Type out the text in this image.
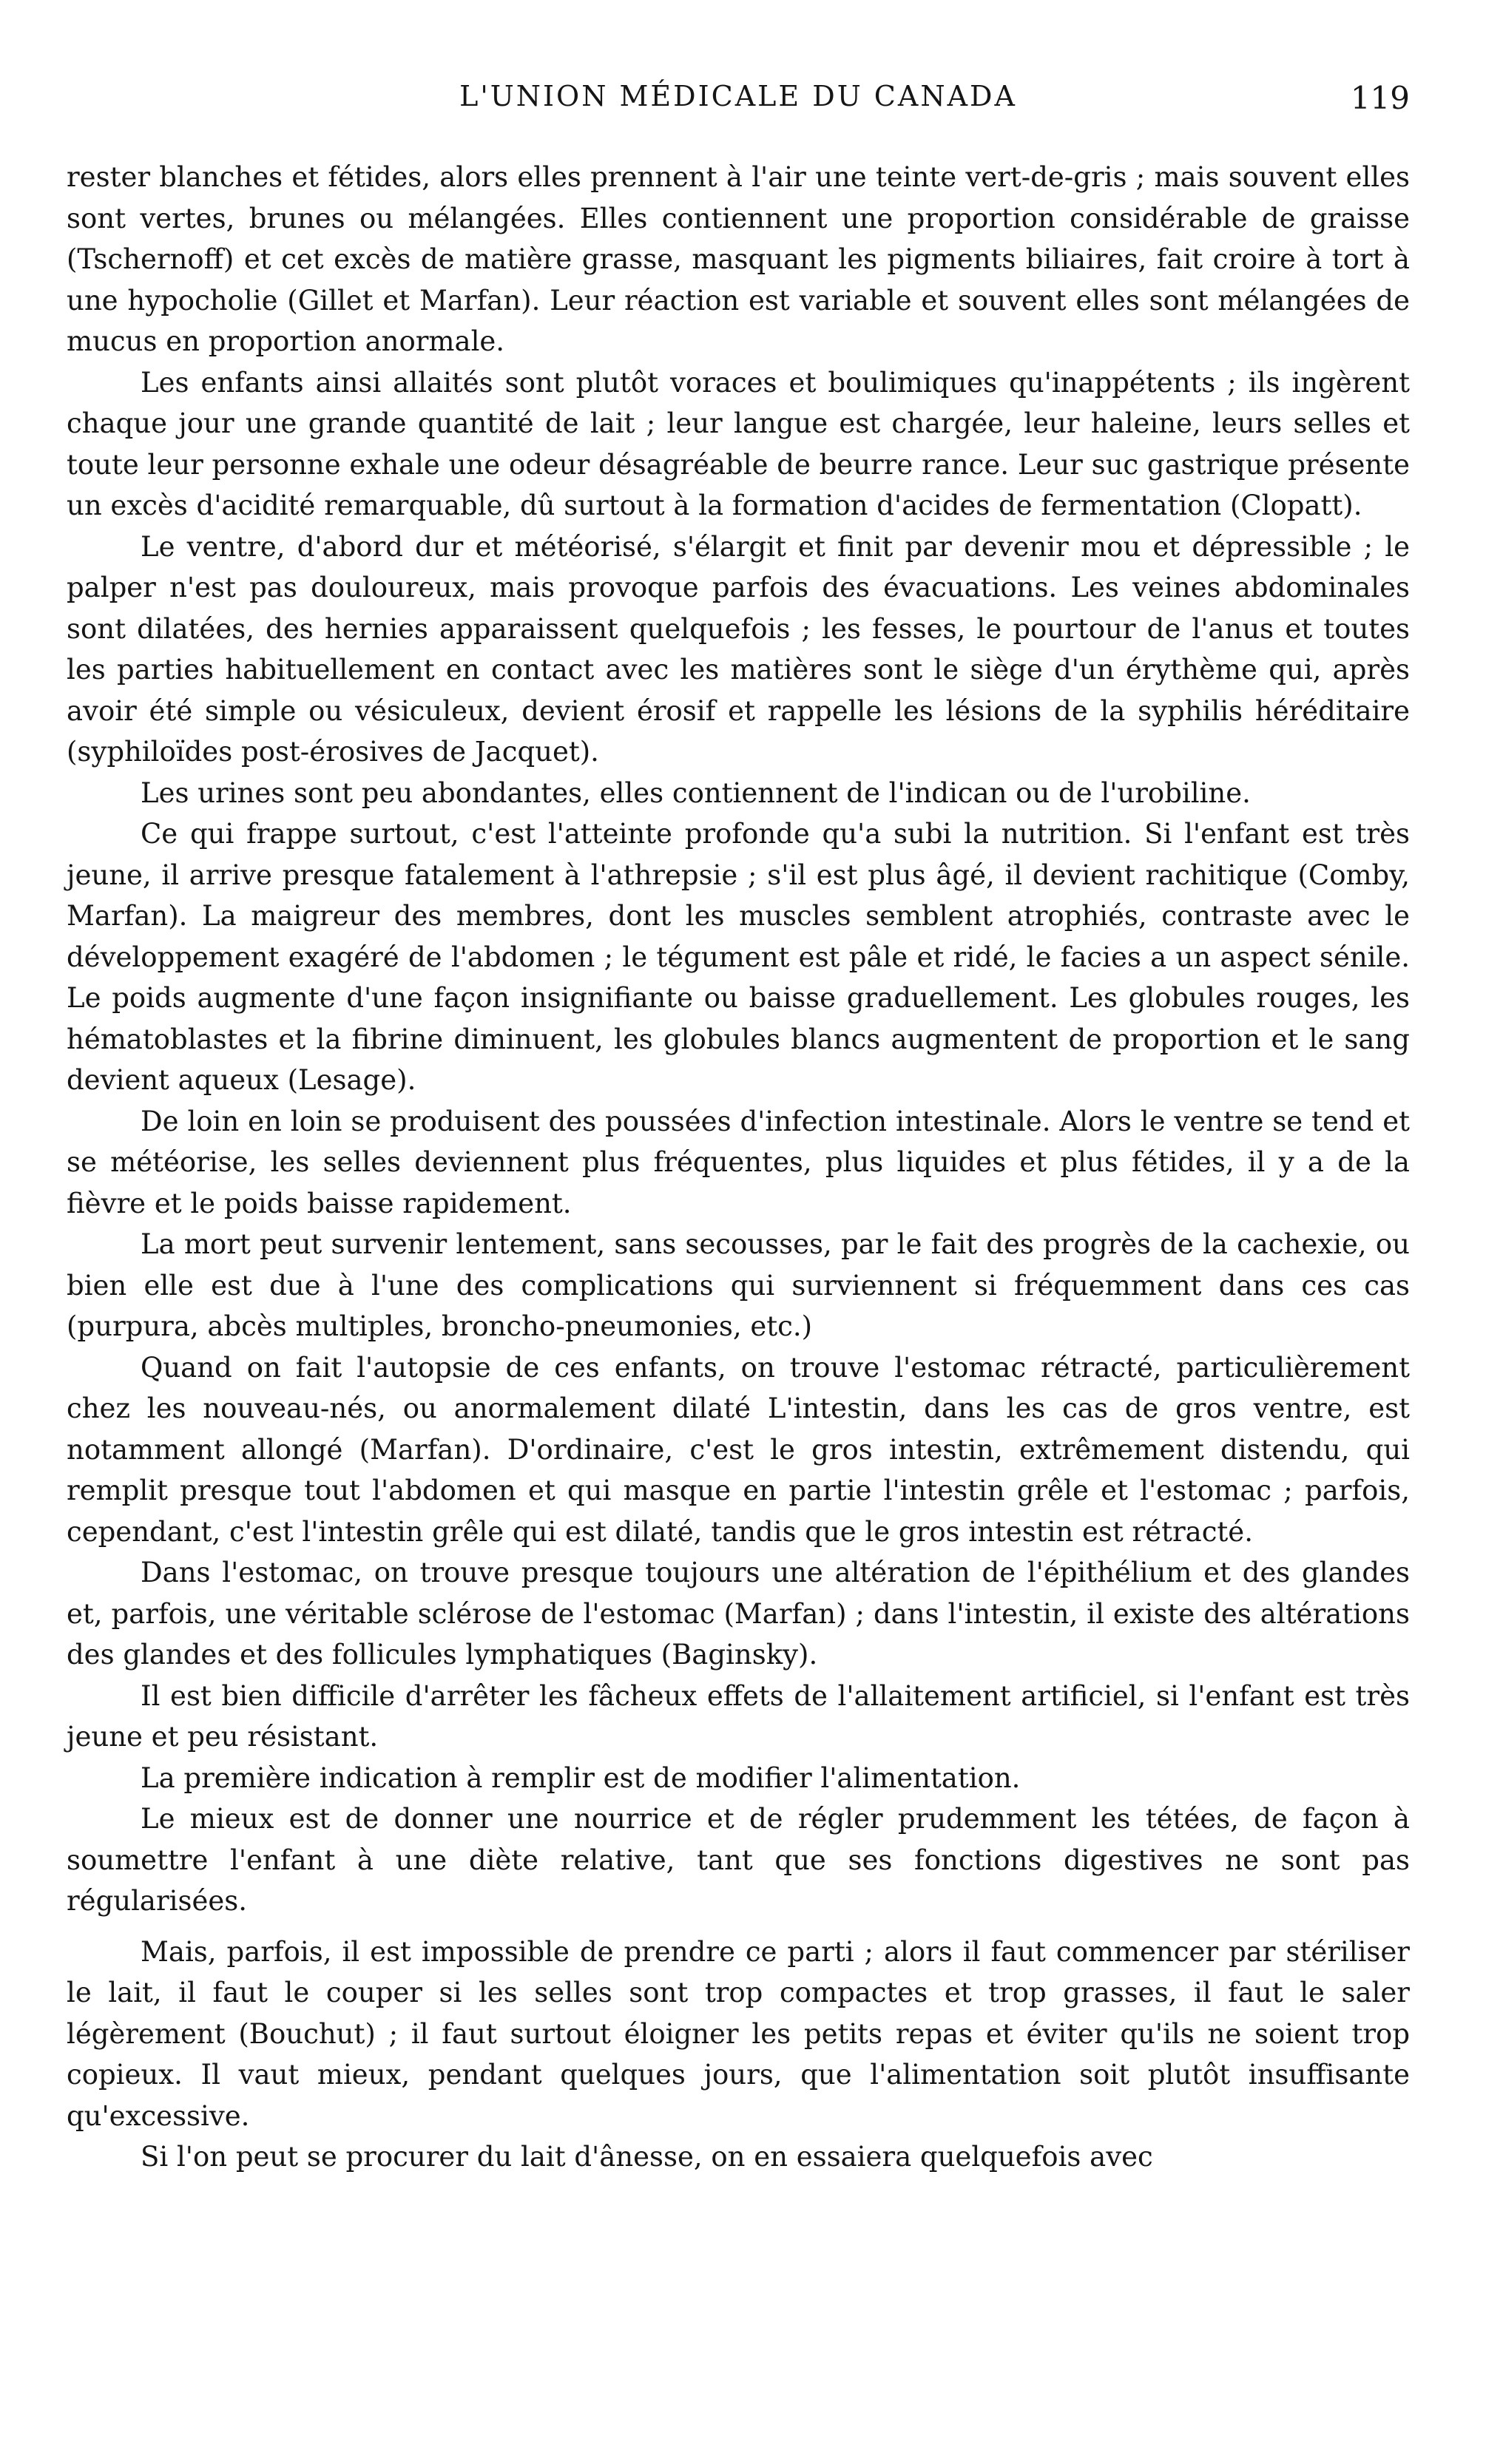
L'UNION MÉDICALE DU CANADA	119

rester blanches et fétides, alors elles prennent à l'air une teinte vert-de-gris ; mais souvent elles sont vertes, brunes ou mélangées. Elles contiennent une proportion considérable de graisse (Tschernoff) et cet excès de matière grasse, masquant les pigments biliaires, fait croire à tort à une hypocholie (Gillet et Marfan). Leur réaction est variable et souvent elles sont mélangées de mucus en proportion anormale.

Les enfants ainsi allaités sont plutôt voraces et boulimiques qu'inappétents ; ils ingèrent chaque jour une grande quantité de lait ; leur langue est chargée, leur haleine, leurs selles et toute leur personne exhale une odeur désagréable de beurre rance. Leur suc gastrique présente un excès d'acidité remarquable, dû surtout à la formation d'acides de fermentation (Clopatt).

Le ventre, d'abord dur et météorisé, s'élargit et finit par devenir mou et dépressible ; le palper n'est pas douloureux, mais provoque parfois des évacuations. Les veines abdominales sont dilatées, des hernies apparaissent quelquefois ; les fesses, le pourtour de l'anus et toutes les parties habituellement en contact avec les matières sont le siège d'un érythème qui, après avoir été simple ou vésiculeux, devient érosif et rappelle les lésions de la syphilis héréditaire (syphiloïdes post-érosives de Jacquet).

Les urines sont peu abondantes, elles contiennent de l'indican ou de l'urobiline.

Ce qui frappe surtout, c'est l'atteinte profonde qu'a subi la nutrition. Si l'enfant est très jeune, il arrive presque fatalement à l'athrepsie ; s'il est plus âgé, il devient rachitique (Comby, Marfan). La maigreur des membres, dont les muscles semblent atrophiés, contraste avec le développement exagéré de l'abdomen ; le tégument est pâle et ridé, le facies a un aspect sénile. Le poids augmente d'une façon insignifiante ou baisse graduellement. Les globules rouges, les hématoblastes et la fibrine diminuent, les globules blancs augmentent de proportion et le sang devient aqueux (Lesage).

De loin en loin se produisent des poussées d'infection intestinale. Alors le ventre se tend et se météorise, les selles deviennent plus fréquentes, plus liquides et plus fétides, il y a de la fièvre et le poids baisse rapidement.

La mort peut survenir lentement, sans secousses, par le fait des progrès de la cachexie, ou bien elle est due à l'une des complications qui surviennent si fréquemment dans ces cas (purpura, abcès multiples, broncho-pneumonies, etc.)

Quand on fait l'autopsie de ces enfants, on trouve l'estomac rétracté, particulièrement chez les nouveau-nés, ou anormalement dilaté L'intestin, dans les cas de gros ventre, est notamment allongé (Marfan). D'ordinaire, c'est le gros intestin, extrêmement distendu, qui remplit presque tout l'abdomen et qui masque en partie l'intestin grêle et l'estomac ; parfois, cependant, c'est l'intestin grêle qui est dilaté, tandis que le gros intestin est rétracté.

Dans l'estomac, on trouve presque toujours une altération de l'épithélium et des glandes et, parfois, une véritable sclérose de l'estomac (Marfan) ; dans l'intestin, il existe des altérations des glandes et des follicules lymphatiques (Baginsky).

Il est bien difficile d'arrêter les fâcheux effets de l'allaitement artificiel, si l'enfant est très jeune et peu résistant.

La première indication à remplir est de modifier l'alimentation.

Le mieux est de donner une nourrice et de régler prudemment les tétées, de façon à soumettre l'enfant à une diète relative, tant que ses fonctions digestives ne sont pas régularisées.

Mais, parfois, il est impossible de prendre ce parti ; alors il faut commencer par stériliser le lait, il faut le couper si les selles sont trop compactes et trop grasses, il faut le saler légèrement (Bouchut) ; il faut surtout éloigner les petits repas et éviter qu'ils ne soient trop copieux. Il vaut mieux, pendant quelques jours, que l'alimentation soit plutôt insuffisante qu'excessive.

Si l'on peut se procurer du lait d'ânesse, on en essaiera quelquefois avec
